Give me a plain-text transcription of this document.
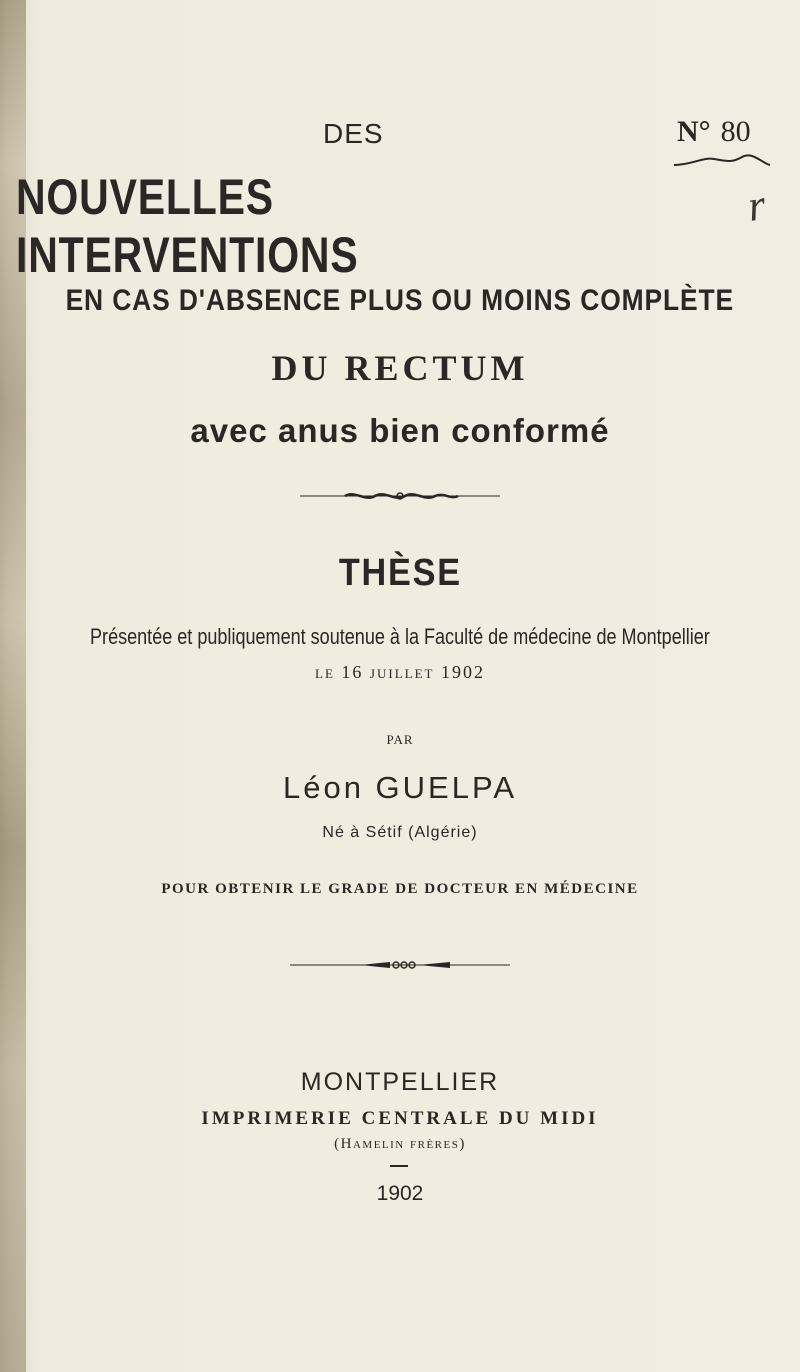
DES	N° 80
r
NOUVELLES INTERVENTIONS
EN CAS D'ABSENCE PLUS OU MOINS COMPLÈTE
DU RECTUM
avec anus bien conformé
THÈSE
Présentée et publiquement soutenue à la Faculté de médecine de Montpellier
le 16 juillet 1902
PAR
Léon GUELPA
Né à Sétif (Algérie)
POUR OBTENIR LE GRADE DE DOCTEUR EN MÉDECINE
MONTPELLIER
IMPRIMERIE CENTRALE DU MIDI
(Hamelin frères)
1902
